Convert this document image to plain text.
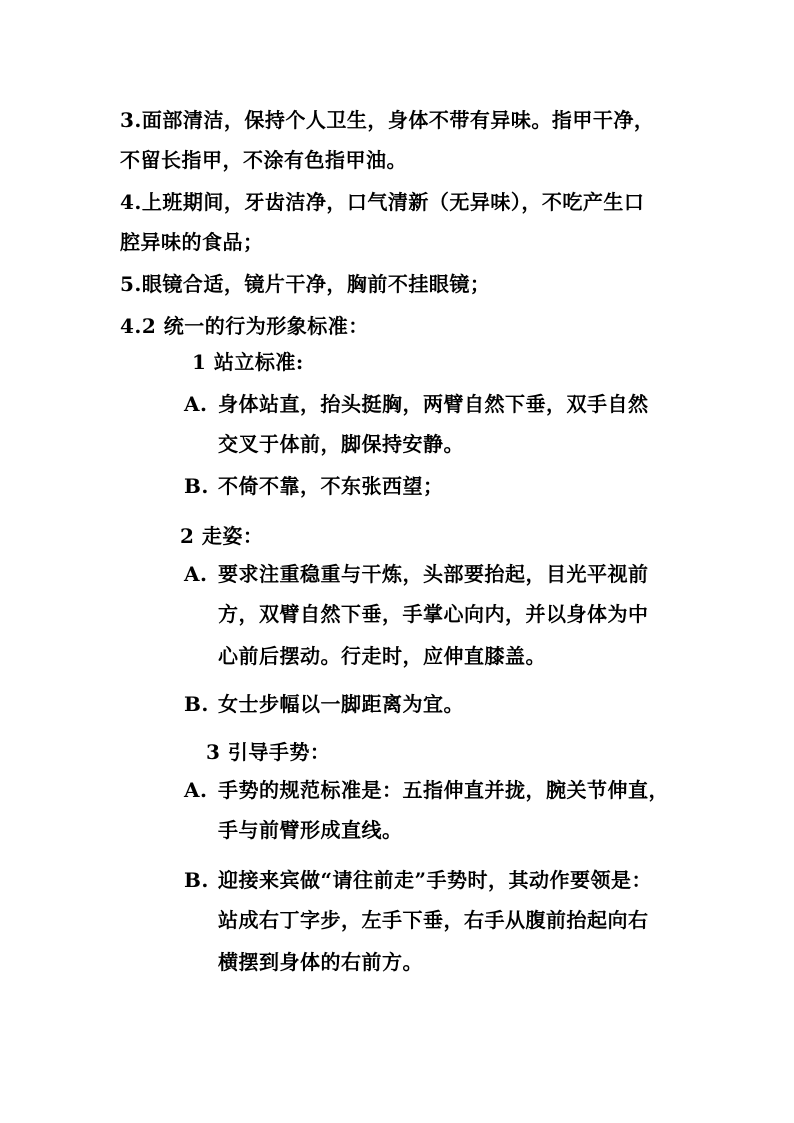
3.面部清洁，保持个人卫生，身体不带有异味。指甲干净，
不留长指甲，不涂有色指甲油。
4.上班期间，牙齿洁净，口气清新（无异味），不吃产生口
腔异味的食品；
5.眼镜合适，镜片干净，胸前不挂眼镜；
4.2 统一的行为形象标准：
1 站立标准:
A. 身体站直，抬头挺胸，两臂自然下垂，双手自然
交叉于体前，脚保持安静。
B. 不倚不靠，不东张西望；
2 走姿：
A. 要求注重稳重与干炼，头部要抬起，目光平视前
方，双臂自然下垂，手掌心向内，并以身体为中
心前后摆动。行走时，应伸直膝盖。
B. 女士步幅以一脚距离为宜。
3 引导手势：
A. 手势的规范标准是：五指伸直并拢，腕关节伸直，
手与前臂形成直线。
B. 迎接来宾做“请往前走”手势时，其动作要领是：
站成右丁字步，左手下垂，右手从腹前抬起向右
横摆到身体的右前方。
